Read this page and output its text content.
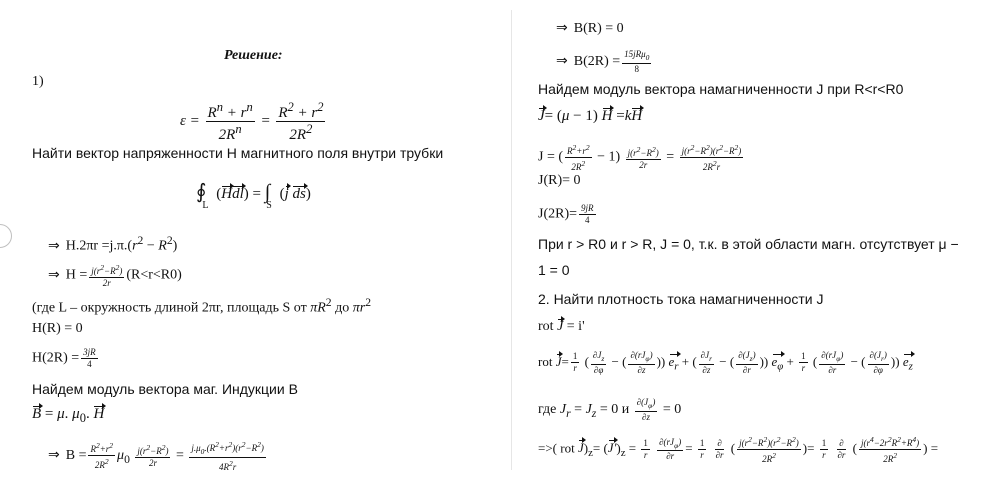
Решение:
1)
$\varepsilon = \frac{R^n + r^n}{2R^n} = \frac{R^2 + r^2}{2R^2}$
Найти вектор напряженности H магнитного поля внутри трубки
$∮_L$ $(Hdl) = \int_S$ (j ds)
⇒ $H.2\pi r =j.\pi.(r^2 - R^2)$
⇒ $H = \frac{j(r^2-R^2)}{2r} (R<r<R0)$
(где L – окружность длиной 2πr, площадь S от $\pi R^2$ до $\pi r^2$
H(R) = 0
$H(2R) = \frac{3jR}{4}$
Найдем модуль вектора маг. Индукции B
B = μ. $\mu_0$. H
⇒ $B = \frac{R^2+r^2}{2R^2} \mu_0 \frac{j(r^2-R^2)}{2r} = \frac{j.\mu_0.(R^2+r^2)(r^2-R^2)}{4R^2r}$
⇒ B(R) = 0
⇒ $B(2R) = \frac{15jR\mu_0}{8}$
Найдем модуль вектора намагниченности J при R<r<R0
J= (μ − 1) H =kH
J = ( $\frac{R^2+r^2}{2R^2} - 1) \frac{j(r^2-R^2)}{2r} = \frac{j(r^2-R^2)(r^2-R^2)}{2R^2r}$
J(R)= 0
$J(2R)= \frac{9jR}{4}$
При r > R0 и r > R, J = 0, т.к. в этой области магн. отсутствует μ −
1 = 0
2. Найти плотность тока намагниченности J
rot J = i'
rot $J= \frac{1}{r}$ ( $\frac{\partial J_z}{\partial\varphi}$ − ( $\frac{\partial(rJ_\varphi)}{\partial z}$ )) $e_r$ + ( $\frac{\partial J_r}{\partial z}$ − ( $\frac{\partial(J_z)}{\partial r}$ )) $e_\varphi + \frac{1}{r}$ ( $\frac{\partial(rJ_\varphi)}{\partial r}$ − ( $\frac{\partial(J_r)}{\partial\varphi}$ )) $e_z$
где $J_r = J_z = 0$ и $\frac{\partial(J_\varphi)}{\partial z} = 0$
=>( rot $J)_z= (J')_z = \frac{1}{r}$
$\frac{\partial(rJ_\varphi)}{\partial r} = \frac{1}{r}$
$\frac{\partial}{\partial r}$ ( $\frac{j(r^2-R^2)(r^2-R^2)}{2R^2}$ )= $\frac{1}{r}$
$\frac{\partial}{\partial r}$ ( $\frac{j(r^4-2r^2R^2+R^4)}{2R^2}$ ) =
